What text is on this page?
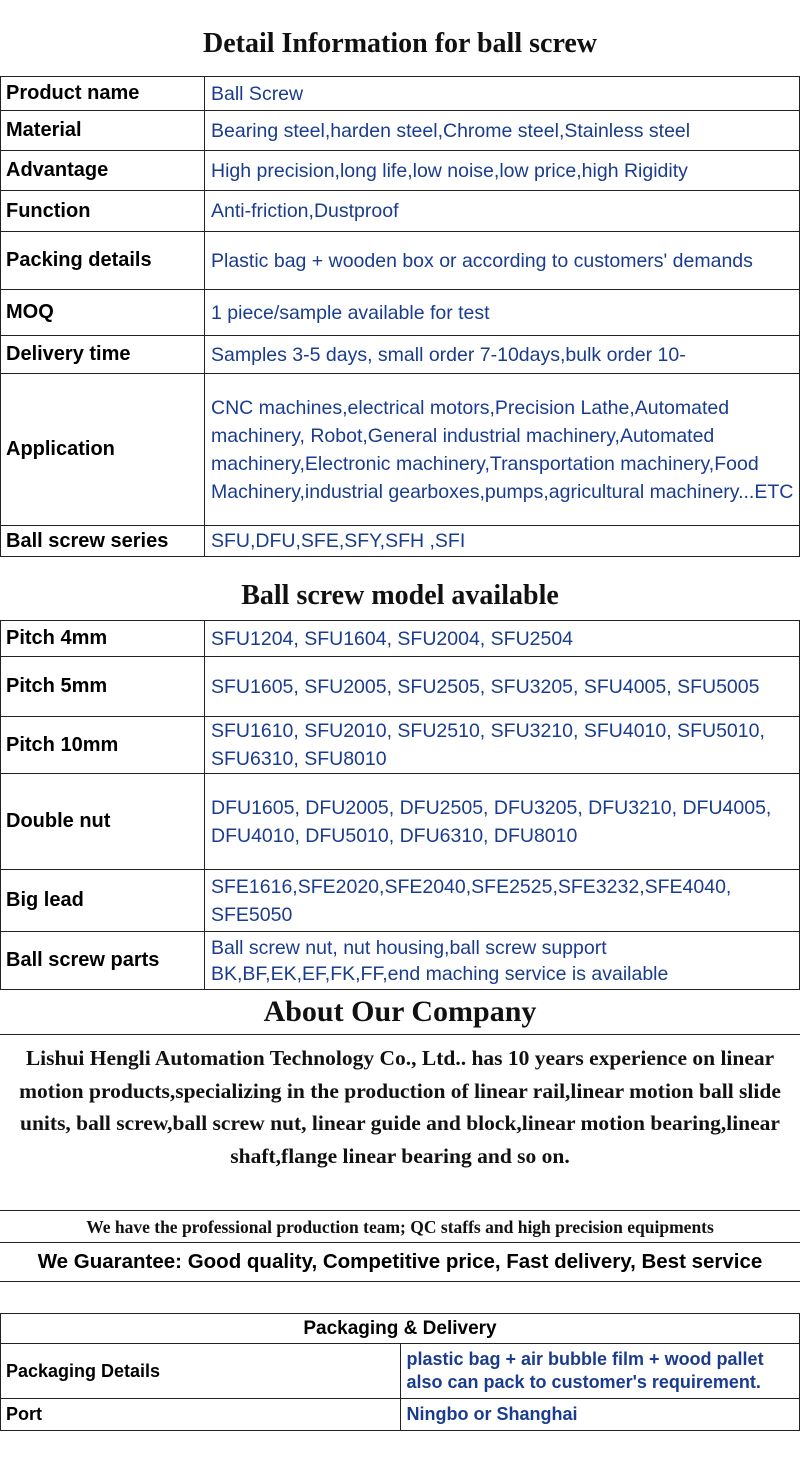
Detail Information for ball screw
Product name	Ball Screw
Material	Bearing steel,harden steel,Chrome steel,Stainless steel
Advantage	High precision,long life,low noise,low price,high Rigidity
Function	Anti-friction,Dustproof
Packing details	Plastic bag + wooden box or according to customers' demands
MOQ	1 piece/sample available for test
Delivery time	Samples 3-5 days, small order 7-10days,bulk order 10-
Application	CNC machines,electrical motors,Precision Lathe,Automated machinery, Robot,General industrial machinery,Automated machinery,Electronic machinery,Transportation machinery,Food Machinery,industrial gearboxes,pumps,agricultural machinery...ETC
Ball screw series	SFU,DFU,SFE,SFY,SFH ,SFI
Ball screw model available
Pitch 4mm	SFU1204, SFU1604, SFU2004, SFU2504
Pitch 5mm	SFU1605, SFU2005, SFU2505, SFU3205, SFU4005, SFU5005
Pitch 10mm	SFU1610, SFU2010, SFU2510, SFU3210, SFU4010, SFU5010, SFU6310, SFU8010
Double nut	DFU1605, DFU2005, DFU2505, DFU3205, DFU3210, DFU4005, DFU4010, DFU5010, DFU6310, DFU8010
Big lead	SFE1616,SFE2020,SFE2040,SFE2525,SFE3232,SFE4040, SFE5050
Ball screw parts	Ball screw nut, nut housing,ball screw support BK,BF,EK,EF,FK,FF,end maching service is available
About Our Company
Lishui Hengli Automation Technology Co., Ltd.. has 10 years experience on linear motion products,specializing in the production of linear rail,linear motion ball slide units, ball screw,ball screw nut, linear guide and block,linear motion bearing,linear shaft,flange linear bearing and so on.
We have the professional production team; QC staffs and high precision equipments
We Guarantee: Good quality, Competitive price, Fast delivery, Best service
Packaging & Delivery	
Packaging Details	plastic bag + air bubble film + wood pallet
also can pack to customer's requirement.

Port	Ningbo or Shanghai
